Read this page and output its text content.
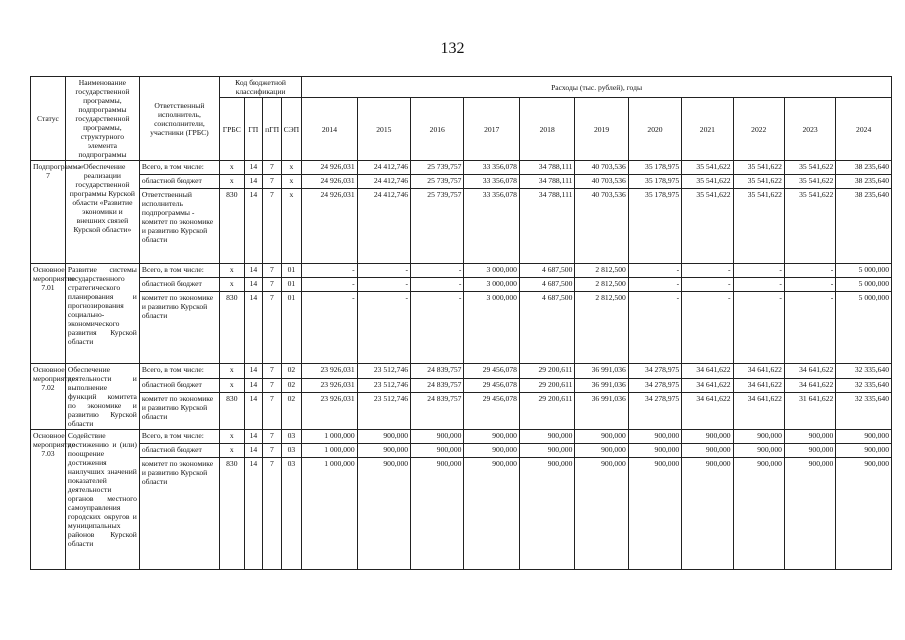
132
Статус	Наименование государственной программы, подпрограммы государственной программы, структурного элемента подпрограммы	Ответственный исполнитель, соисполнители, участники (ГРБС)	Код бюджетной классификации				Расходы (тыс. рублей), годы										
			ГРБС	ГП	пГП	СЭП	2014	2015	2016	2017	2018	2019	2020	2021	2022	2023	2024
Подпрограмма 7	«Обеспечение реализации государственной программы Курской области «Развитие экономики и внешних связей Курской области»	Всего, в том числе:	х	14	7	х	24 926,031	24 412,746	25 739,757	33 356,078	34 788,111	40 703,536	35 178,975	35 541,622	35 541,622	35 541,622	38 235,640
		областной бюджет	х	14	7	х	24 926,031	24 412,746	25 739,757	33 356,078	34 788,111	40 703,536	35 178,975	35 541,622	35 541,622	35 541,622	38 235,640
		Ответственный исполнитель подпрограммы - комитет по экономике и развитию Курской области	830	14	7	х	24 926,031	24 412,746	25 739,757	33 356,078	34 788,111	40 703,536	35 178,975	35 541,622	35 541,622	35 541,622	38 235,640
Основное мероприятие 7.01	Развитие системы государственного стратегического планирования и прогнозирования социально-экономического развития Курской области	Всего, в том числе:	х	14	7	01	-	-	-	3 000,000	4 687,500	2 812,500	-	-	-	-	5 000,000
		областной бюджет	х	14	7	01	-	-	-	3 000,000	4 687,500	2 812,500	-	-	-	-	5 000,000
		комитет по экономике и развитию Курской области	830	14	7	01	-	-	-	3 000,000	4 687,500	2 812,500	-	-	-	-	5 000,000
Основное мероприятие 7.02	Обеспечение деятельности и выполнение функций комитета по экономике и развитию Курской области	Всего, в том числе:	х	14	7	02	23 926,031	23 512,746	24 839,757	29 456,078	29 200,611	36 991,036	34 278,975	34 641,622	34 641,622	34 641,622	32 335,640
		областной бюджет	х	14	7	02	23 926,031	23 512,746	24 839,757	29 456,078	29 200,611	36 991,036	34 278,975	34 641,622	34 641,622	34 641,622	32 335,640
		комитет по экономике и развитию Курской области	830	14	7	02	23 926,031	23 512,746	24 839,757	29 456,078	29 200,611	36 991,036	34 278,975	34 641,622	34 641,622	31 641,622	32 335,640
Основное мероприятие 7.03	Содействие достижению и (или) поощрение достижения наилучших значений показателей деятельности органов местного самоуправления городских округов и муниципальных районов Курской области	Всего, в том числе:	х	14	7	03	1 000,000	900,000	900,000	900,000	900,000	900,000	900,000	900,000	900,000	900,000	900,000
		областной бюджет	х	14	7	03	1 000,000	900,000	900,000	900,000	900,000	900,000	900,000	900,000	900,000	900,000	900,000
		комитет по экономике и развитию Курской области	830	14	7	03	1 000,000	900,000	900,000	900,000	900,000	900,000	900,000	900,000	900,000	900,000	900,000
